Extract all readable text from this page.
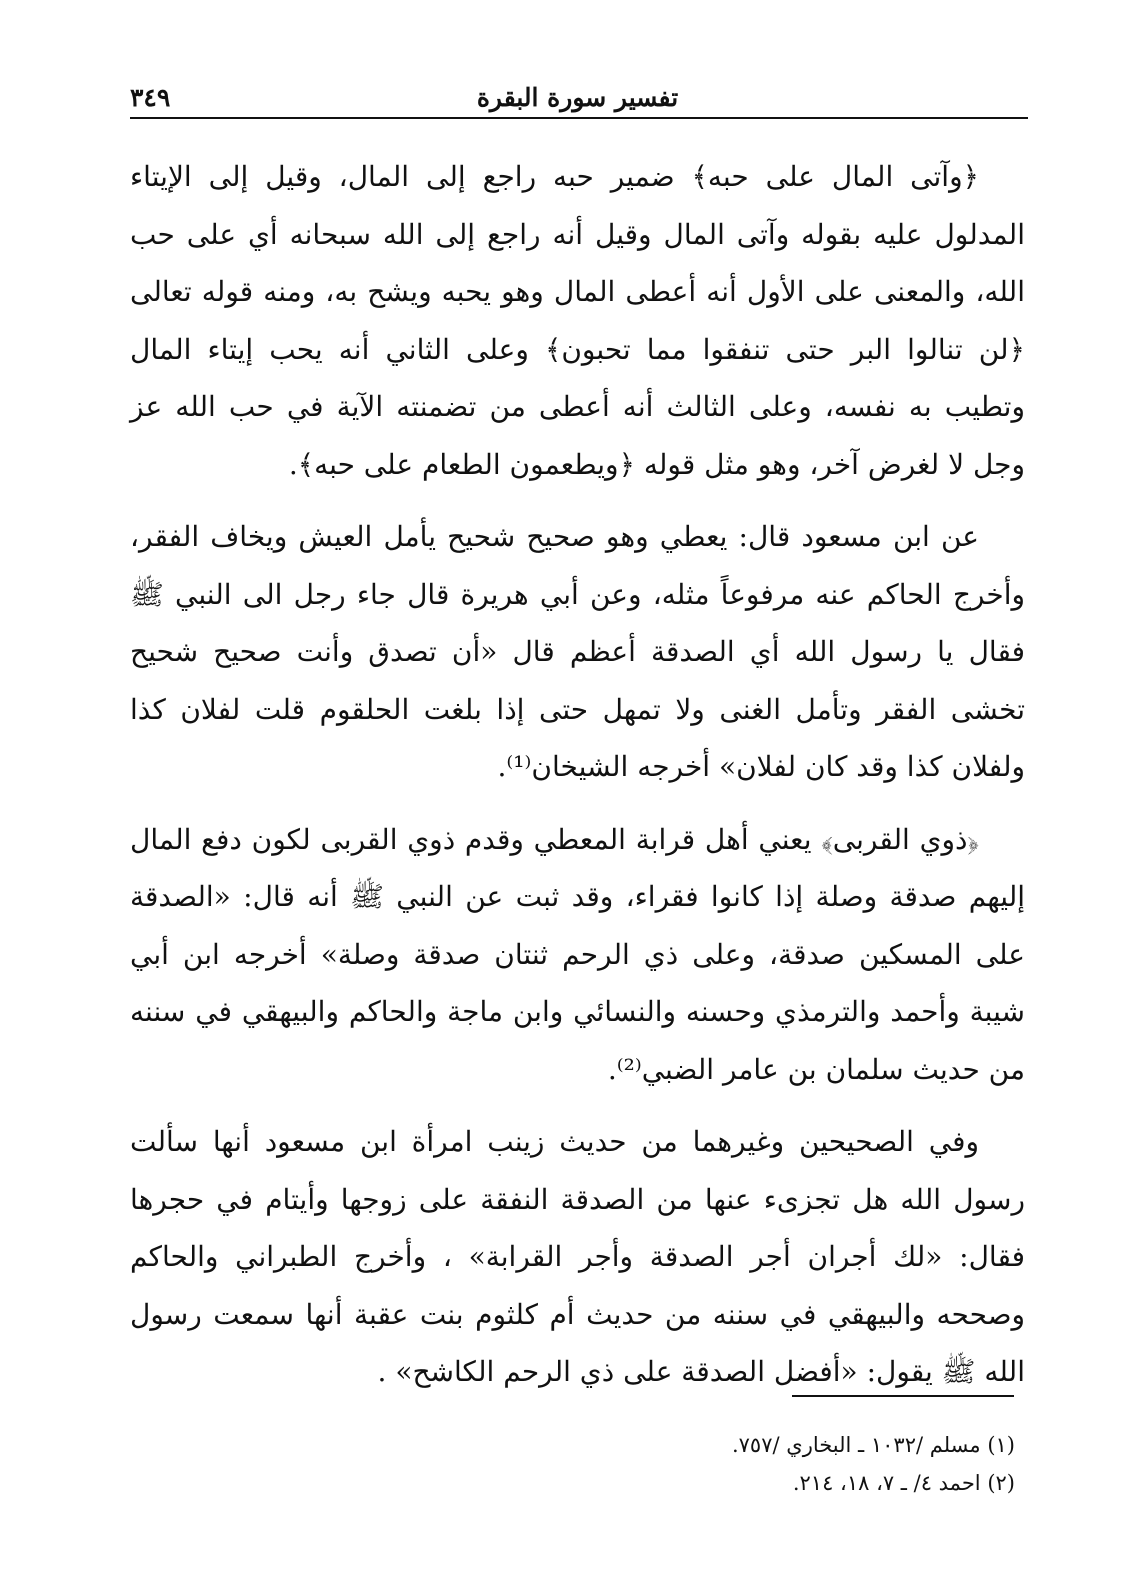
تفسير سورة البقرة
٣٤٩

﴿وآتى المال على حبه﴾ ضمير حبه راجع إلى المال، وقيل إلى الإيتاء المدلول عليه بقوله وآتى المال وقيل أنه راجع إلى الله سبحانه أي على حب الله، والمعنى على الأول أنه أعطى المال وهو يحبه ويشح به، ومنه قوله تعالى ﴿لن تنالوا البر حتى تنفقوا مما تحبون﴾ وعلى الثاني أنه يحب إيتاء المال وتطيب به نفسه، وعلى الثالث أنه أعطى من تضمنته الآية في حب الله عز وجل لا لغرض آخر، وهو مثل قوله ﴿ويطعمون الطعام على حبه﴾.

عن ابن مسعود قال: يعطي وهو صحيح شحيح يأمل العيش ويخاف الفقر، وأخرج الحاكم عنه مرفوعاً مثله، وعن أبي هريرة قال جاء رجل الى النبي ﷺ فقال يا رسول الله أي الصدقة أعظم قال «أن تصدق وأنت صحيح شحيح تخشى الفقر وتأمل الغنى ولا تمهل حتى إذا بلغت الحلقوم قلت لفلان كذا ولفلان كذا وقد كان لفلان» أخرجه الشيخان⁽¹⁾.

﴿ذوي القربى﴾ يعني أهل قرابة المعطي وقدم ذوي القربى لكون دفع المال إليهم صدقة وصلة إذا كانوا فقراء، وقد ثبت عن النبي ﷺ أنه قال: «الصدقة على المسكين صدقة، وعلى ذي الرحم ثنتان صدقة وصلة» أخرجه ابن أبي شيبة وأحمد والترمذي وحسنه والنسائي وابن ماجة والحاكم والبيهقي في سننه من حديث سلمان بن عامر الضبي⁽²⁾.

وفي الصحيحين وغيرهما من حديث زينب امرأة ابن مسعود أنها سألت رسول الله هل تجزىء عنها من الصدقة النفقة على زوجها وأيتام في حجرها فقال: «لك أجران أجر الصدقة وأجر القرابة» ، وأخرج الطبراني والحاكم وصححه والبيهقي في سننه من حديث أم كلثوم بنت عقبة أنها سمعت رسول الله ﷺ يقول: «أفضل الصدقة على ذي الرحم الكاشح» .

(١) مسلم /١٠٣٢ ـ البخاري /٧٥٧.

(٢) احمد ٤/ ـ ٧، ١٨، ٢١٤.
